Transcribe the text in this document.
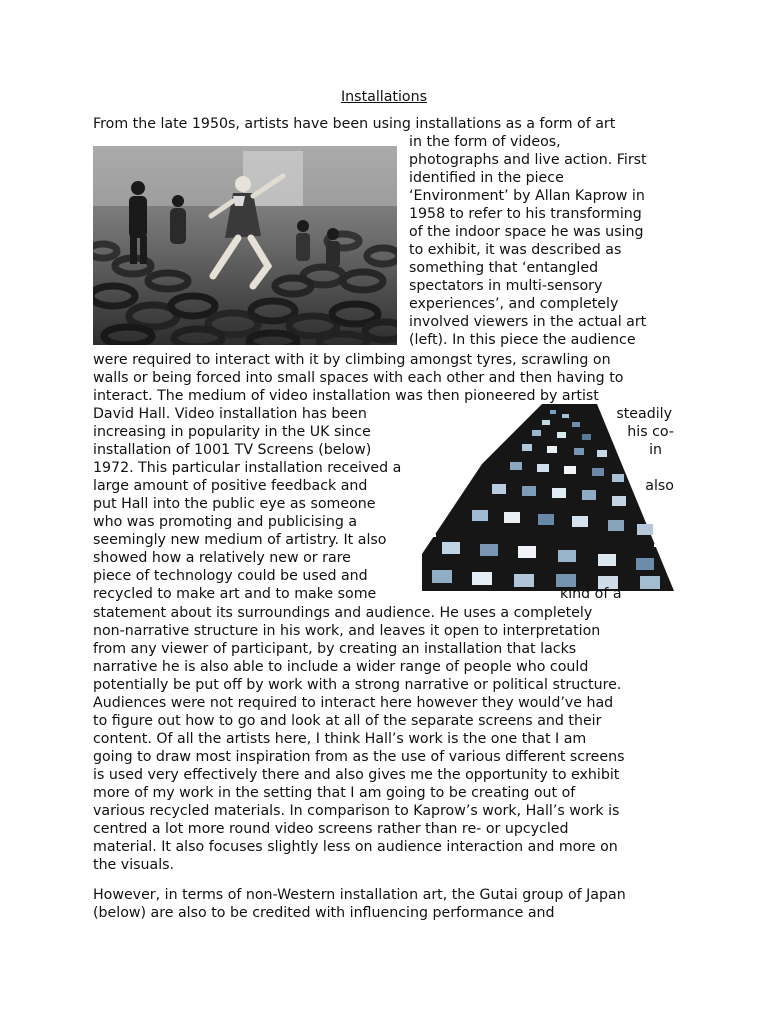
Installations
From the late 1950s, artists have been using installations as a form of art
in the form of videos,
photographs and live action. First
identified in the piece
‘Environment’ by Allan Kaprow in
1958 to refer to his transforming
of the indoor space he was using
to exhibit, it was described as
something that ‘entangled
spectators in multi-sensory
experiences’, and completely
involved viewers in the actual art
(left). In this piece the audience
were required to interact with it by climbing amongst tyres, scrawling on
walls or being forced into small spaces with each other and then having to
interact. The medium of video installation was then pioneered by artist
David Hall. Video installation has been	steadily
increasing in popularity in the UK since	his co-
installation of 1001 TV Screens (below)	in
1972. This particular installation received a
large amount of positive feedback and	also
put Hall into the public eye as someone
who was promoting and publicising a
seemingly new medium of artistry. It also
showed how a relatively new or rare
piece of technology could be used and
recycled to make art and to make some	kind of a
statement about its surroundings and audience. He uses a completely
non-narrative structure in his work, and leaves it open to interpretation
from any viewer of participant, by creating an installation that lacks
narrative he is also able to include a wider range of people who could
potentially be put off by work with a strong narrative or political structure.
Audiences were not required to interact here however they would’ve had
to figure out how to go and look at all of the separate screens and their
content. Of all the artists here, I think Hall’s work is the one that I am
going to draw most inspiration from as the use of various different screens
is used very effectively there and also gives me the opportunity to exhibit
more of my work in the setting that I am going to be creating out of
various recycled materials. In comparison to Kaprow’s work, Hall’s work is
centred a lot more round video screens rather than re- or upcycled
material. It also focuses slightly less on audience interaction and more on
the visuals.
However, in terms of non-Western installation art, the Gutai group of Japan
(below) are also to be credited with influencing performance and
